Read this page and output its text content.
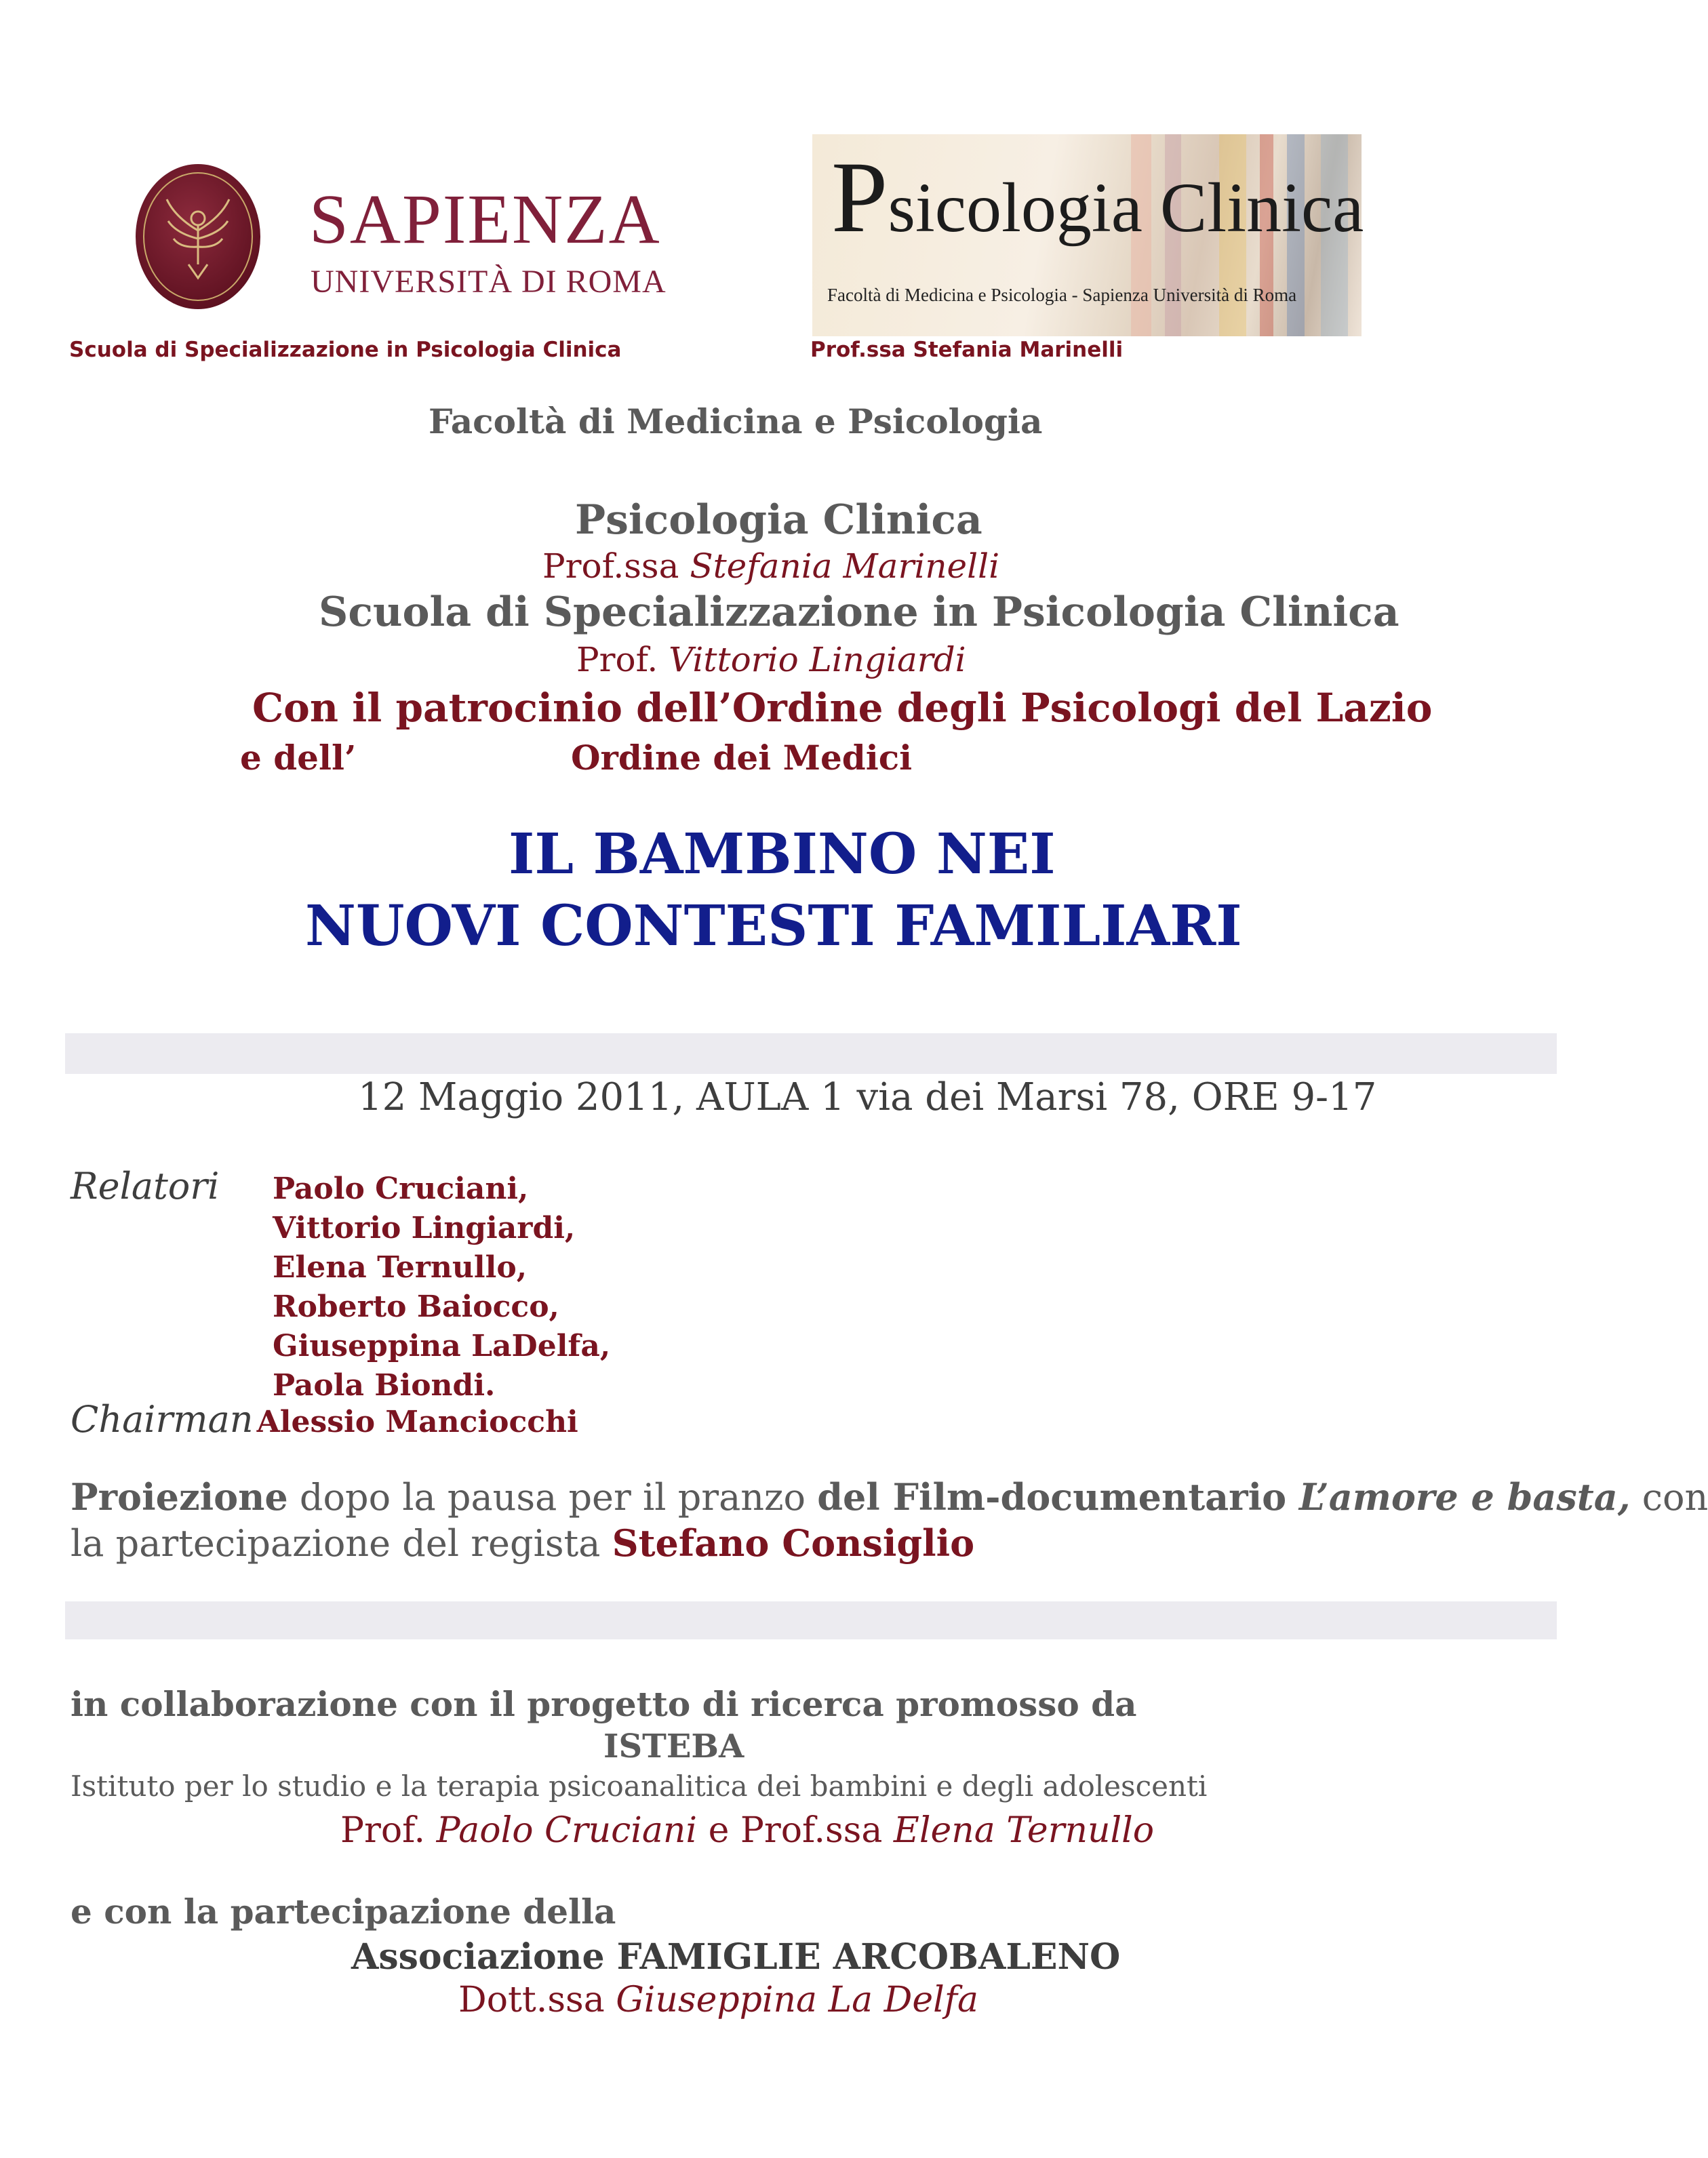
SAPIENZA
UNIVERSITÀ DI ROMA
Psicologia Clinica
Facoltà di Medicina e Psicologia - Sapienza Università di Roma
Scuola di Specializzazione in Psicologia Clinica	Prof.ssa Stefania Marinelli
Facoltà di Medicina e Psicologia
Psicologia Clinica
Prof.ssa Stefania Marinelli
Scuola di Specializzazione in Psicologia Clinica
Prof. Vittorio Lingiardi
Con il patrocinio dell’Ordine degli Psicologi del Lazio
e dell’	Ordine dei Medici
IL BAMBINO NEI
NUOVI CONTESTI FAMILIARI
12 Maggio 2011, AULA 1 via dei Marsi 78, ORE 9-17
Relatori Paolo Cruciani,
Vittorio Lingiardi,
Elena Ternullo,
Roberto Baiocco,
Giuseppina LaDelfa,
Paola Biondi.
Chairman Alessio Manciocchi
Proiezione dopo la pausa per il pranzo del Film-documentario L’amore e basta, con
la partecipazione del regista Stefano Consiglio
in collaborazione con il progetto di ricerca promosso da
ISTEBA
Istituto per lo studio e la terapia psicoanalitica dei bambini e degli adolescenti
Prof. Paolo Cruciani e Prof.ssa Elena Ternullo
e con la partecipazione della
Associazione FAMIGLIE ARCOBALENO
Dott.ssa Giuseppina La Delfa
